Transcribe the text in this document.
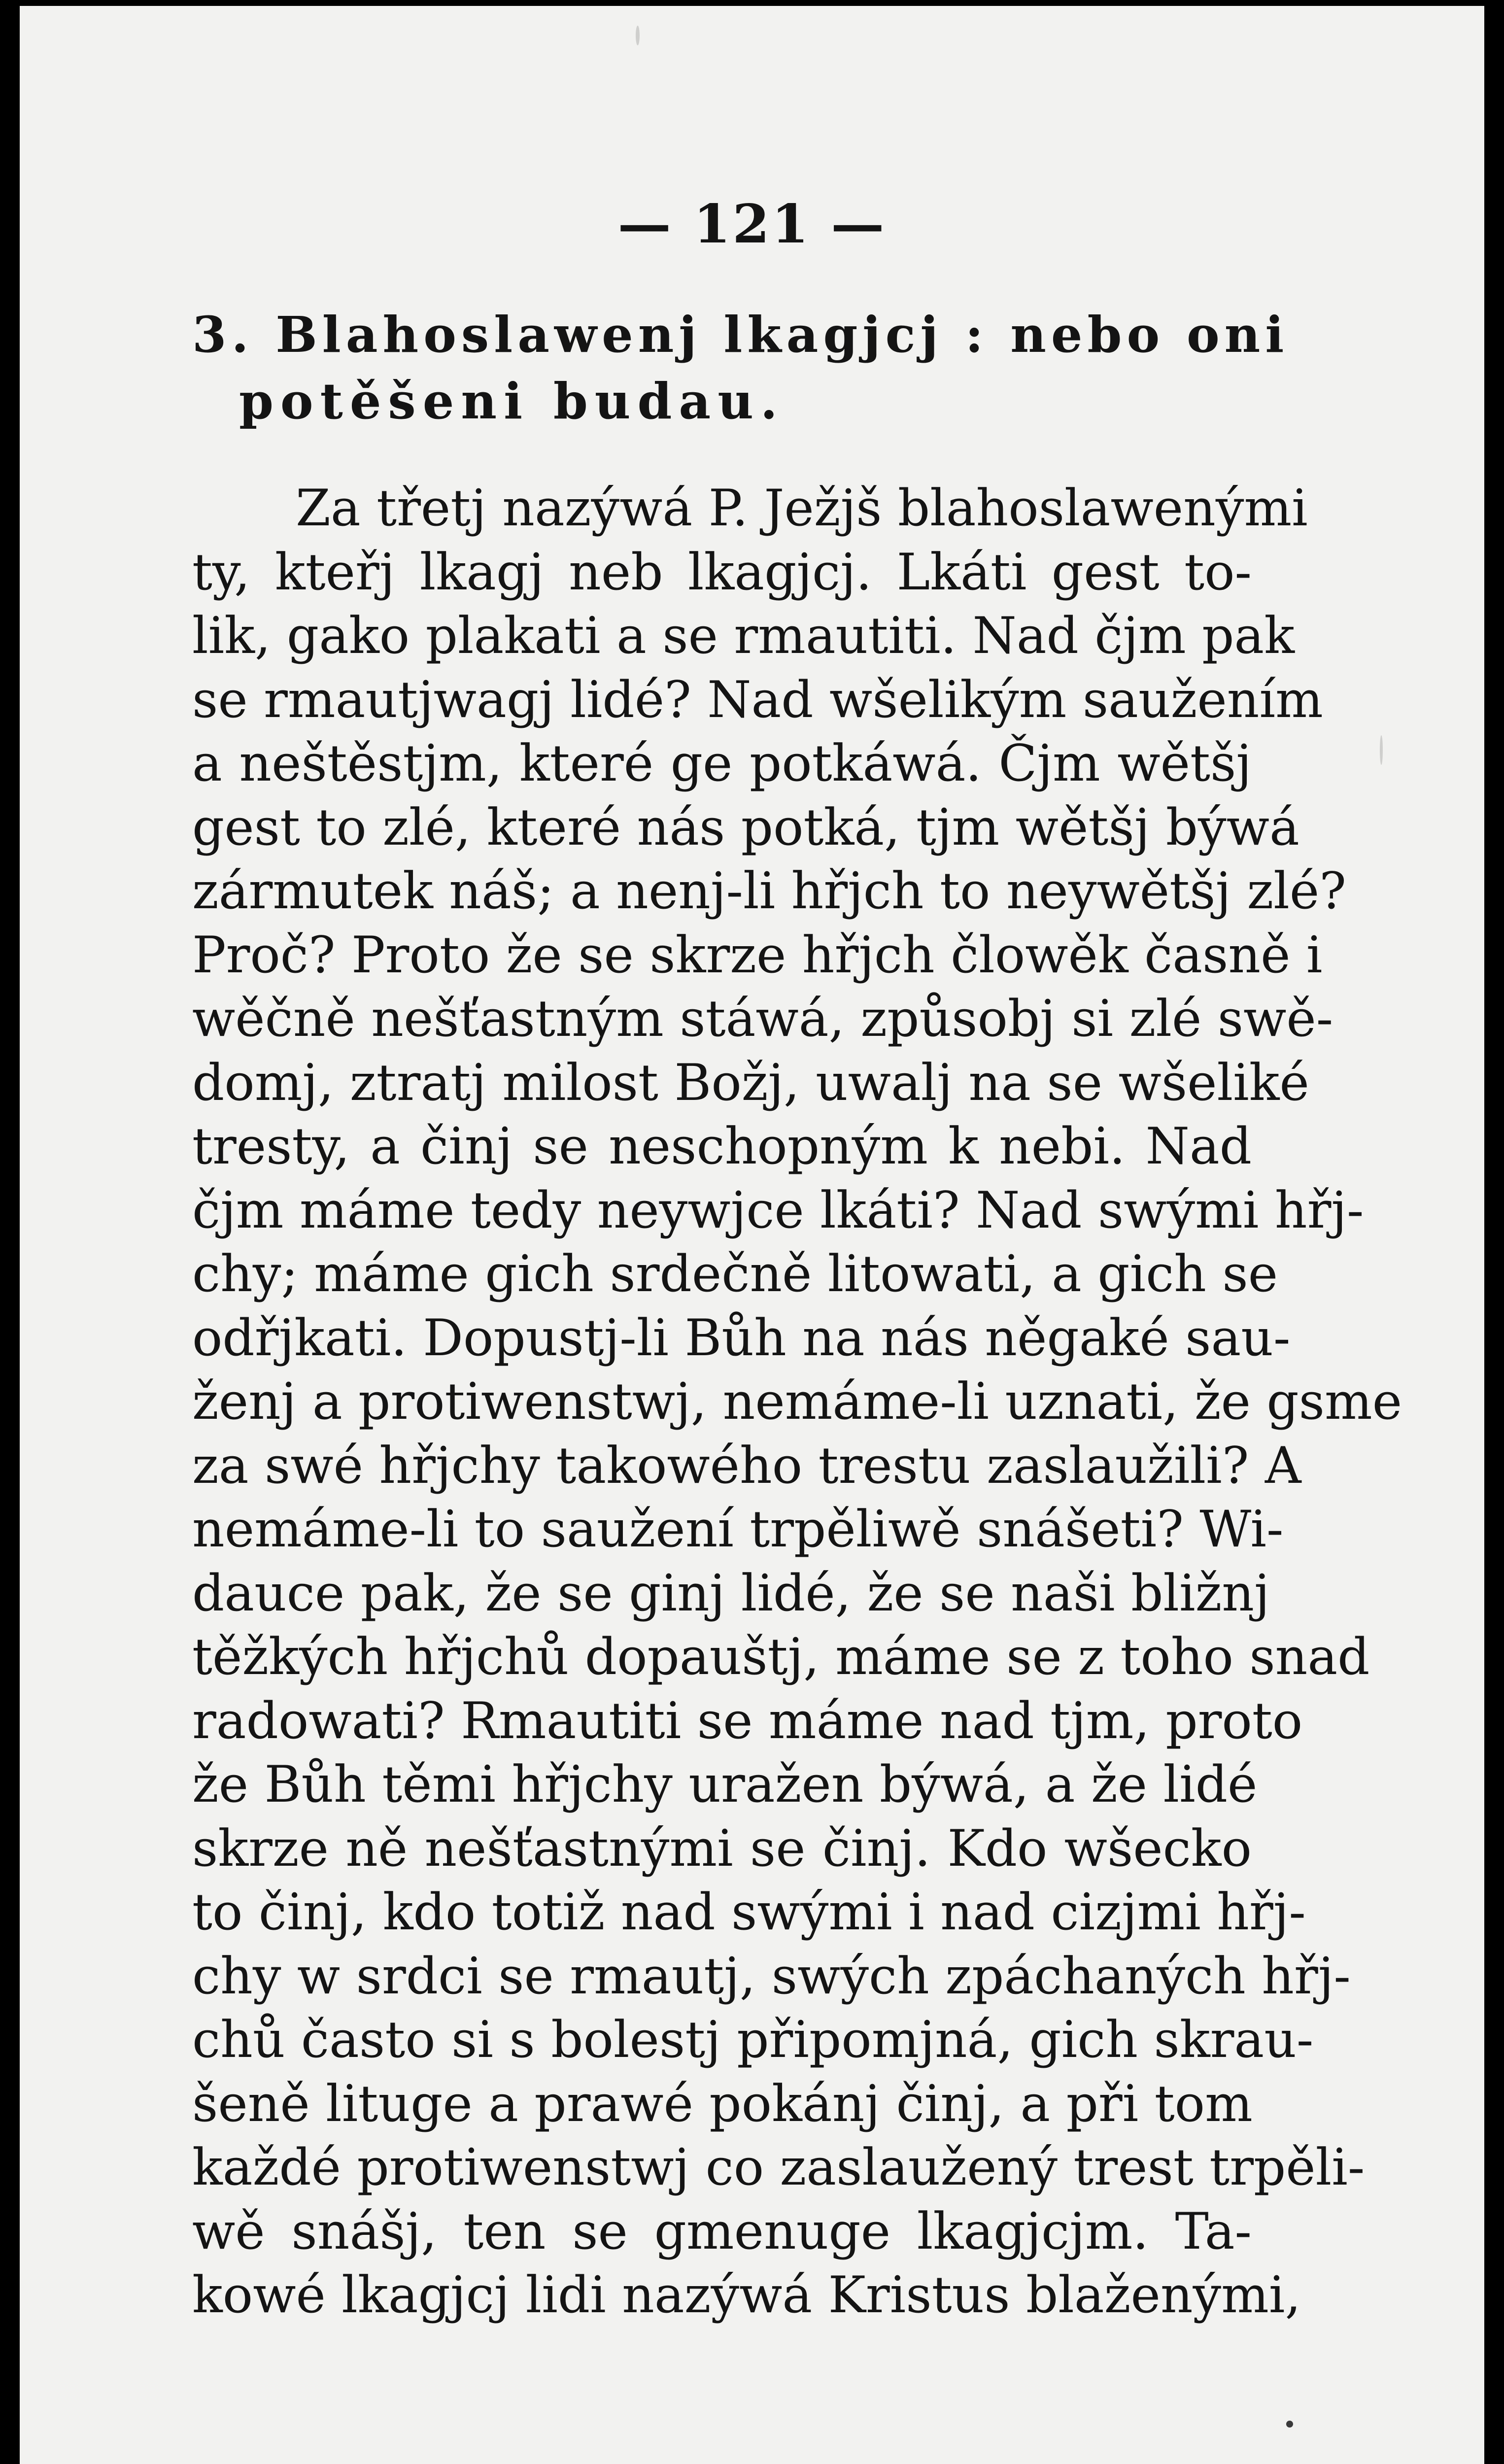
— 121 —
3. Blahoslawenj lkagjcj : nebo oni
potěšeni budau.
Za třetj nazýwá P. Ježjš blahoslawenými
ty, kteřj lkagj neb lkagjcj. Lkáti gest to-
lik, gako plakati a se rmautiti. Nad čjm pak
se rmautjwagj lidé? Nad wšelikým saužením
a neštěstjm, které ge potkáwá. Čjm wětšj
gest to zlé, které nás potká, tjm wětšj býwá
zármutek náš; a nenj-li hřjch to neywětšj zlé?
Proč? Proto že se skrze hřjch člowěk časně i
wěčně nešťastným stáwá, způsobj si zlé swě-
domj, ztratj milost Božj, uwalj na se wšeliké
tresty, a činj se neschopným k nebi. Nad
čjm máme tedy neywjce lkáti? Nad swými hřj-
chy; máme gich srdečně litowati, a gich se
odřjkati. Dopustj-li Bůh na nás něgaké sau-
ženj a protiwenstwj, nemáme-li uznati, že gsme
za swé hřjchy takowého trestu zaslaužili? A
nemáme-li to saužení trpěliwě snášeti? Wi-
dauce pak, že se ginj lidé, že se naši bližnj
těžkých hřjchů dopauštj, máme se z toho snad
radowati? Rmautiti se máme nad tjm, proto
že Bůh těmi hřjchy uražen býwá, a že lidé
skrze ně nešťastnými se činj. Kdo wšecko
to činj, kdo totiž nad swými i nad cizjmi hřj-
chy w srdci se rmautj, swých zpáchaných hřj-
chů často si s bolestj připomjná, gich skrau-
šeně lituge a prawé pokánj činj, a při tom
každé protiwenstwj co zaslaužený trest trpěli-
wě snášj, ten se gmenuge lkagjcjm. Ta-
kowé lkagjcj lidi nazýwá Kristus blaženými,
